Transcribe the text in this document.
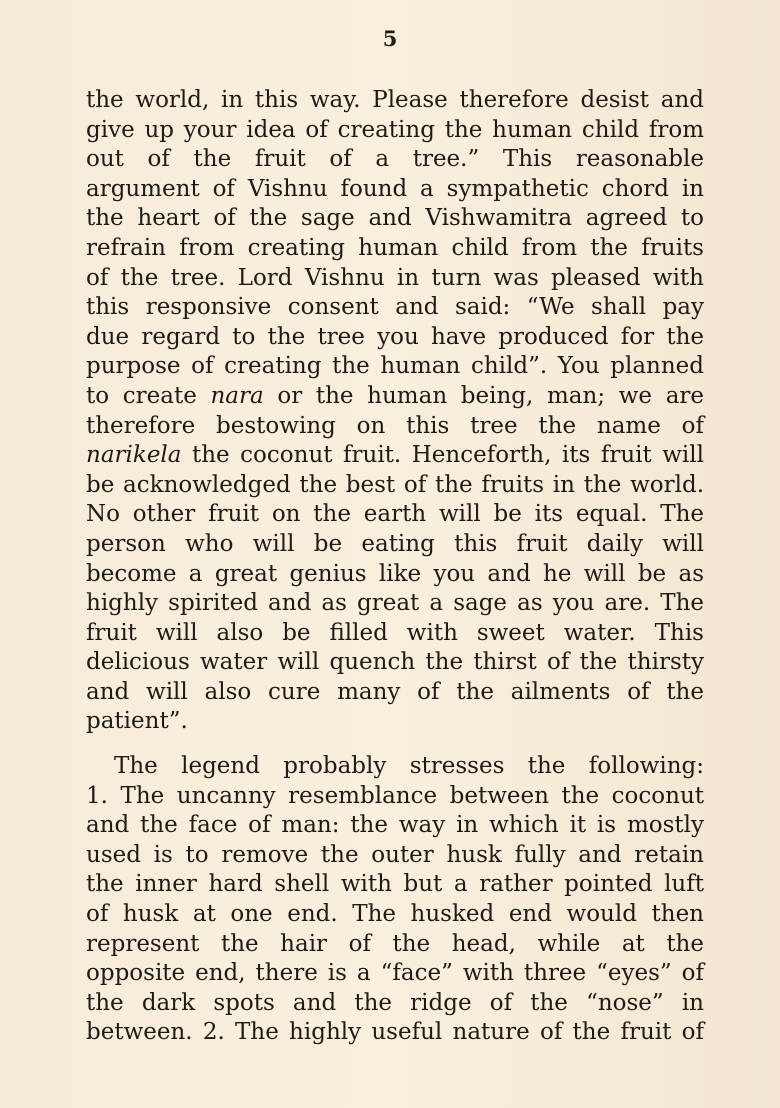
5
the world, in this way. Please therefore desist and
give up your idea of creating the human child from
out of the fruit of a tree.” This reasonable
argument of Vishnu found a sympathetic chord in
the heart of the sage and Vishwamitra agreed to
refrain from creating human child from the fruits
of the tree. Lord Vishnu in turn was pleased with
this responsive consent and said: “We shall pay
due regard to the tree you have produced for the
purpose of creating the human child”. You planned
to create nara or the human being, man; we are
therefore bestowing on this tree the name of
narikela the coconut fruit. Henceforth, its fruit will
be acknowledged the best of the fruits in the world.
No other fruit on the earth will be its equal. The
person who will be eating this fruit daily will
become a great genius like you and he will be as
highly spirited and as great a sage as you are. The
fruit will also be filled with sweet water. This
delicious water will quench the thirst of the thirsty
and will also cure many of the ailments of the
patient”.
The legend probably stresses the following:
1. The uncanny resemblance between the coconut
and the face of man: the way in which it is mostly
used is to remove the outer husk fully and retain
the inner hard shell with but a rather pointed luft
of husk at one end. The husked end would then
represent the hair of the head, while at the
opposite end, there is a “face” with three “eyes” of
the dark spots and the ridge of the “nose” in
between. 2. The highly useful nature of the fruit of
